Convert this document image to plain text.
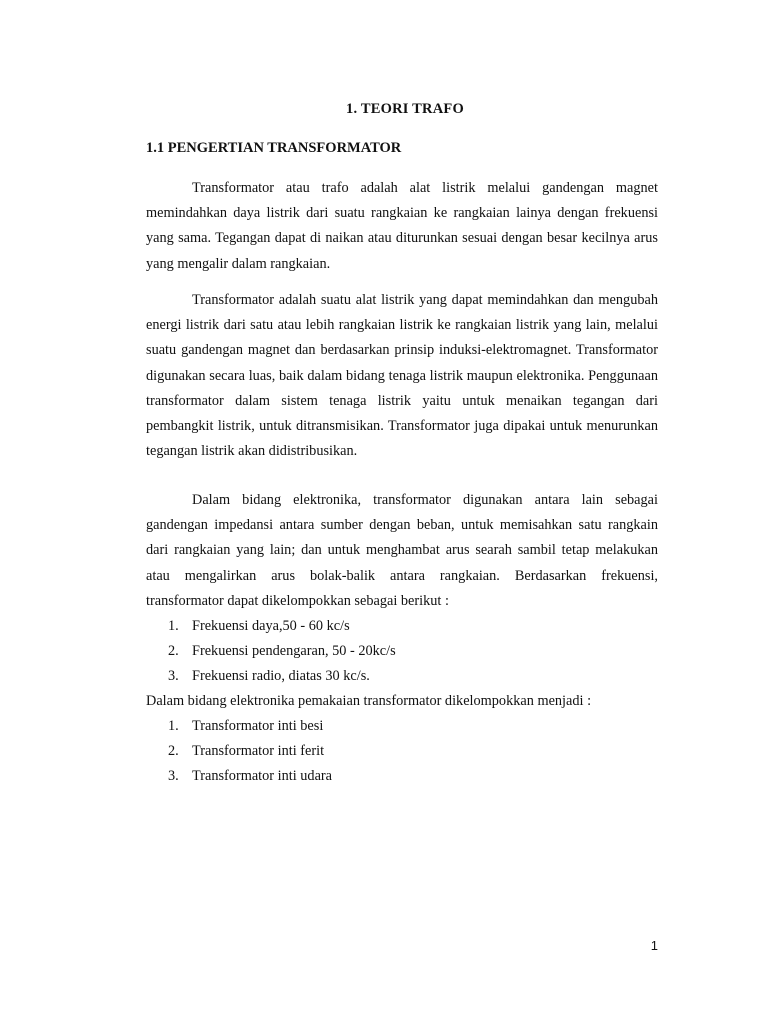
1. TEORI TRAFO
1.1 PENGERTIAN TRANSFORMATOR

Transformator atau trafo adalah alat listrik melalui gandengan magnet memindahkan daya listrik dari suatu rangkaian ke rangkaian lainya dengan frekuensi yang sama. Tegangan dapat di naikan atau diturunkan sesuai dengan besar kecilnya arus yang mengalir dalam rangkaian.

Transformator adalah suatu alat listrik yang dapat memindahkan dan mengubah energi listrik dari satu atau lebih rangkaian listrik ke rangkaian listrik yang lain, melalui suatu gandengan magnet dan berdasarkan prinsip induksi-elektromagnet. Transformator digunakan secara luas, baik dalam bidang tenaga listrik maupun elektronika. Penggunaan transformator dalam sistem tenaga listrik yaitu untuk menaikan tegangan dari pembangkit listrik, untuk ditransmisikan. Transformator juga dipakai untuk menurunkan tegangan listrik akan didistribusikan.

Dalam bidang elektronika, transformator digunakan antara lain sebagai gandengan impedansi antara sumber dengan beban, untuk memisahkan satu rangkain dari rangkaian yang lain; dan untuk menghambat arus searah sambil tetap melakukan atau mengalirkan arus bolak-balik antara rangkaian. Berdasarkan frekuensi, transformator dapat dikelompokkan sebagai berikut :

1. Frekuensi daya,50 - 60 kc/s
2. Frekuensi pendengaran, 50 - 20kc/s
3. Frekuensi radio, diatas 30 kc/s.
Dalam bidang elektronika pemakaian transformator dikelompokkan menjadi :
1. Transformator inti besi
2. Transformator inti ferit
3. Transformator inti udara
1
